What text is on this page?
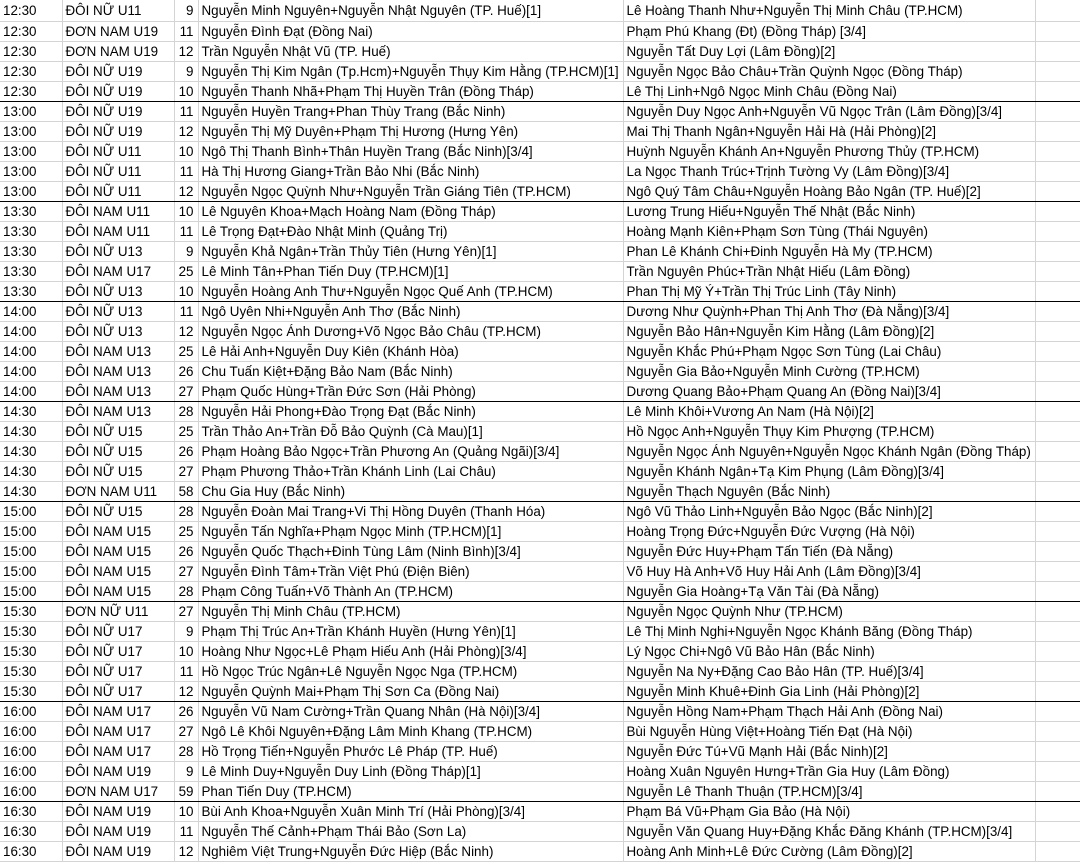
12:30	ĐÔI NỮ U11	9	Nguyễn Minh Nguyên+Nguyễn Nhật Nguyên (TP. Huế)[1]	Lê Hoàng Thanh Như+Nguyễn Thị Minh Châu (TP.HCM)	
12:30	ĐƠN NAM U19	11	Nguyễn Đình Đạt (Đồng Nai)	Phạm Phú Khang (Đt) (Đồng Tháp) [3/4]	
12:30	ĐƠN NAM U19	12	Trần Nguyễn Nhật Vũ (TP. Huế)	Nguyễn Tất Duy Lợi (Lâm Đồng)[2]	
12:30	ĐÔI NỮ U19	9	Nguyễn Thị Kim Ngân (Tp.Hcm)+Nguyễn Thụy Kim Hằng (TP.HCM)[1]	Nguyễn Ngọc Bảo Châu+Trần Quỳnh Ngọc (Đồng Tháp)	
12:30	ĐÔI NỮ U19	10	Nguyễn Thanh Nhã+Phạm Thị Huyền Trân (Đồng Tháp)	Lê Thị Linh+Ngô Ngọc Minh Châu (Đồng Nai)	
13:00	ĐÔI NỮ U19	11	Nguyễn Huyền Trang+Phan Thùy Trang (Bắc Ninh)	Nguyễn Duy Ngọc Anh+Nguyễn Vũ Ngọc Trân (Lâm Đồng)[3/4]	
13:00	ĐÔI NỮ U19	12	Nguyễn Thị Mỹ Duyên+Phạm Thị Hương (Hưng Yên)	Mai Thị Thanh Ngân+Nguyễn Hải Hà (Hải Phòng)[2]	
13:00	ĐÔI NỮ U11	10	Ngô Thị Thanh Bình+Thân Huyền Trang (Bắc Ninh)[3/4]	Huỳnh Nguyễn Khánh An+Nguyễn Phương Thủy (TP.HCM)	
13:00	ĐÔI NỮ U11	11	Hà Thị Hương Giang+Trần Bảo Nhi (Bắc Ninh)	La Ngọc Thanh Trúc+Trịnh Tường Vy (Lâm Đồng)[3/4]	
13:00	ĐÔI NỮ U11	12	Nguyễn Ngọc Quỳnh Như+Nguyễn Trần Giáng Tiên (TP.HCM)	Ngô Quý Tâm Châu+Nguyễn Hoàng Bảo Ngân (TP. Huế)[2]	
13:30	ĐÔI NAM U11	10	Lê Nguyên Khoa+Mạch Hoàng Nam (Đồng Tháp)	Lương Trung Hiếu+Nguyễn Thế Nhật (Bắc Ninh)	
13:30	ĐÔI NAM U11	11	Lê Trọng Đạt+Đào Nhật Minh (Quảng Trị)	Hoàng Mạnh Kiên+Phạm Sơn Tùng (Thái Nguyên)	
13:30	ĐÔI NỮ U13	9	Nguyễn Khả Ngân+Trần Thủy Tiên (Hưng Yên)[1]	Phan Lê Khánh Chi+Đinh Nguyễn Hà My (TP.HCM)	
13:30	ĐÔI NAM U17	25	Lê Minh Tân+Phan Tiến Duy (TP.HCM)[1]	Trần Nguyên Phúc+Trần Nhật Hiếu (Lâm Đồng)	
13:30	ĐÔI NỮ U13	10	Nguyễn Hoàng Anh Thư+Nguyễn Ngọc Quế Anh (TP.HCM)	Phan Thị Mỹ Ý+Trần Thị Trúc Linh (Tây Ninh)	
14:00	ĐÔI NỮ U13	11	Ngô Uyên Nhi+Nguyễn Anh Thơ (Bắc Ninh)	Dương Như Quỳnh+Phan Thị Anh Thơ (Đà Nẵng)[3/4]	
14:00	ĐÔI NỮ U13	12	Nguyễn Ngọc Ánh Dương+Võ Ngọc Bảo Châu (TP.HCM)	Nguyễn Bảo Hân+Nguyễn Kim Hằng (Lâm Đồng)[2]	
14:00	ĐÔI NAM U13	25	Lê Hải Anh+Nguyễn Duy Kiên (Khánh Hòa)	Nguyễn Khắc Phú+Phạm Ngọc Sơn Tùng (Lai Châu)	
14:00	ĐÔI NAM U13	26	Chu Tuấn Kiệt+Đặng Bảo Nam (Bắc Ninh)	Nguyễn Gia Bảo+Nguyễn Minh Cường (TP.HCM)	
14:00	ĐÔI NAM U13	27	Phạm Quốc Hùng+Trần Đức Sơn (Hải Phòng)	Dương Quang Bảo+Phạm Quang An (Đồng Nai)[3/4]	
14:30	ĐÔI NAM U13	28	Nguyễn Hải Phong+Đào Trọng Đạt (Bắc Ninh)	Lê Minh Khôi+Vương An Nam (Hà Nội)[2]	
14:30	ĐÔI NỮ U15	25	Trần Thảo An+Trần Đỗ Bảo Quỳnh (Cà Mau)[1]	Hồ Ngọc Anh+Nguyễn Thụy Kim Phượng (TP.HCM)	
14:30	ĐÔI NỮ U15	26	Phạm Hoàng Bảo Ngọc+Trần Phương An (Quảng Ngãi)[3/4]	Nguyễn Ngọc Ánh Nguyên+Nguyễn Ngọc Khánh Ngân (Đồng Tháp)	
14:30	ĐÔI NỮ U15	27	Phạm Phương Thảo+Trần Khánh Linh (Lai Châu)	Nguyễn Khánh Ngân+Tạ Kim Phụng (Lâm Đồng)[3/4]	
14:30	ĐƠN NAM U11	58	Chu Gia Huy (Bắc Ninh)	Nguyễn Thạch Nguyên (Bắc Ninh)	
15:00	ĐÔI NỮ U15	28	Nguyễn Đoàn Mai Trang+Vi Thị Hồng Duyên (Thanh Hóa)	Ngô Vũ Thảo Linh+Nguyễn Bảo Ngọc (Bắc Ninh)[2]	
15:00	ĐÔI NAM U15	25	Nguyễn Tấn Nghĩa+Phạm Ngọc Minh (TP.HCM)[1]	Hoàng Trọng Đức+Nguyễn Đức Vượng (Hà Nội)	
15:00	ĐÔI NAM U15	26	Nguyễn Quốc Thạch+Đinh Tùng Lâm (Ninh Bình)[3/4]	Nguyễn Đức Huy+Phạm Tấn Tiến (Đà Nẵng)	
15:00	ĐÔI NAM U15	27	Nguyễn Đình Tâm+Trần Việt Phú (Điện Biên)	Võ Huy Hà Anh+Võ Huy Hải Anh (Lâm Đồng)[3/4]	
15:00	ĐÔI NAM U15	28	Phạm Công Tuấn+Võ Thành An (TP.HCM)	Nguyễn Gia Hoàng+Tạ Văn Tài (Đà Nẵng)	
15:30	ĐƠN NỮ U11	27	Nguyễn Thị Minh Châu (TP.HCM)	Nguyễn Ngọc Quỳnh Như (TP.HCM)	
15:30	ĐÔI NỮ U17	9	Phạm Thị Trúc An+Trần Khánh Huyền (Hưng Yên)[1]	Lê Thị Minh Nghi+Nguyễn Ngọc Khánh Băng (Đồng Tháp)	
15:30	ĐÔI NỮ U17	10	Hoàng Như Ngọc+Lê Phạm Hiếu Anh (Hải Phòng)[3/4]	Lý Ngọc Chi+Ngô Vũ Bảo Hân (Bắc Ninh)	
15:30	ĐÔI NỮ U17	11	Hồ Ngọc Trúc Ngân+Lê Nguyễn Ngọc Nga (TP.HCM)	Nguyễn Na Ny+Đặng Cao Bảo Hân (TP. Huế)[3/4]	
15:30	ĐÔI NỮ U17	12	Nguyễn Quỳnh Mai+Phạm Thị Sơn Ca (Đồng Nai)	Nguyễn Minh Khuê+Đinh Gia Linh (Hải Phòng)[2]	
16:00	ĐÔI NAM U17	26	Nguyễn Vũ Nam Cường+Trần Quang Nhân (Hà Nội)[3/4]	Nguyễn Hồng Nam+Phạm Thạch Hải Anh (Đồng Nai)	
16:00	ĐÔI NAM U17	27	Ngô Lê Khôi Nguyên+Đặng Lâm Minh Khang (TP.HCM)	Bùi Nguyễn Hùng Việt+Hoàng Tiến Đạt (Hà Nội)	
16:00	ĐÔI NAM U17	28	Hồ Trọng Tiến+Nguyễn Phước Lê Pháp (TP. Huế)	Nguyễn Đức Tú+Vũ Mạnh Hải (Bắc Ninh)[2]	
16:00	ĐÔI NAM U19	9	Lê Minh Duy+Nguyễn Duy Linh (Đồng Tháp)[1]	Hoàng Xuân Nguyên Hưng+Trần Gia Huy (Lâm Đồng)	
16:00	ĐƠN NAM U17	59	Phan Tiến Duy (TP.HCM)	Nguyễn Lê Thanh Thuận (TP.HCM)[3/4]	
16:30	ĐÔI NAM U19	10	Bùi Anh Khoa+Nguyễn Xuân Minh Trí (Hải Phòng)[3/4]	Phạm Bá Vũ+Phạm Gia Bảo (Hà Nội)	
16:30	ĐÔI NAM U19	11	Nguyễn Thế Cảnh+Phạm Thái Bảo (Sơn La)	Nguyễn Văn Quang Huy+Đặng Khắc Đăng Khánh (TP.HCM)[3/4]	
16:30	ĐÔI NAM U19	12	Nghiêm Việt Trung+Nguyễn Đức Hiệp (Bắc Ninh)	Hoàng Anh Minh+Lê Đức Cường (Lâm Đồng)[2]	
